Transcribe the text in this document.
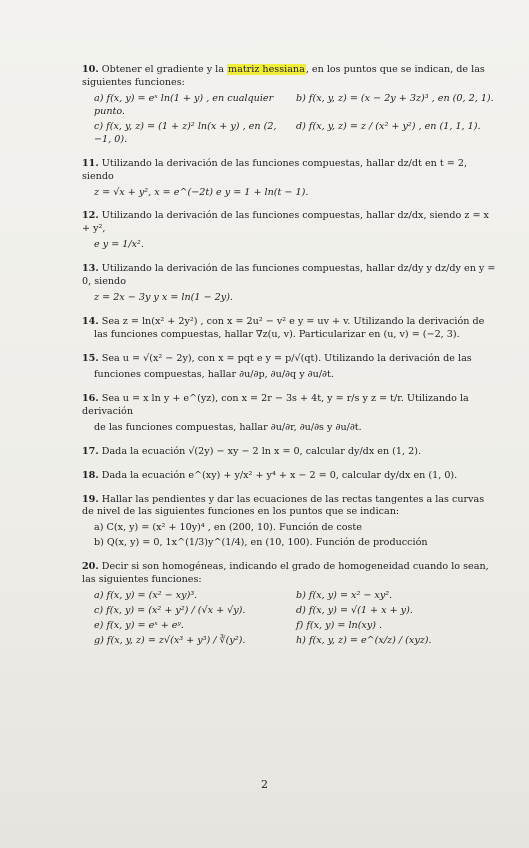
10. Obtener el gradiente y la matriz hessiana, en los puntos que se indican, de las siguientes funciones:
a) f(x, y) = eˣ ln(1 + y) , en cualquier punto.
b) f(x, y, z) = (x − 2y + 3z)³ , en (0, 2, 1).
c) f(x, y, z) = (1 + z)² ln(x + y) , en (2, −1, 0).
d) f(x, y, z) = z / (x² + y²) , en (1, 1, 1).
11. Utilizando la derivación de las funciones compuestas, hallar dz/dt en t = 2, siendo
z = √x + y², x = e^(−2t) e y = 1 + ln(t − 1).
12. Utilizando la derivación de las funciones compuestas, hallar dz/dx, siendo z = x + y²,
e y = 1/x².
13. Utilizando la derivación de las funciones compuestas, hallar dz/dy y dz/dy en y = 0, siendo
z = 2x − 3y y x = ln(1 − 2y).
14. Sea z = ln(x² + 2y²) , con x = 2u² − v² e y = uv + v. Utilizando la derivación de
las funciones compuestas, hallar ∇z(u, v). Particularizar en (u, v) = (−2, 3).
15. Sea u = √(x² − 2y), con x = pqt e y = p/√(qt). Utilizando la derivación de las
funciones compuestas, hallar ∂u/∂p, ∂u/∂q y ∂u/∂t.
16. Sea u = x ln y + e^(yz), con x = 2r − 3s + 4t, y = r/s y z = t/r. Utilizando la derivación
de las funciones compuestas, hallar ∂u/∂r, ∂u/∂s y ∂u/∂t.
17. Dada la ecuación √(2y) − xy − 2 ln x = 0, calcular dy/dx en (1, 2).
18. Dada la ecuación e^(xy) + y/x² + y⁴ + x − 2 = 0, calcular dy/dx en (1, 0).
19. Hallar las pendientes y dar las ecuaciones de las rectas tangentes a las curvas de nivel de las siguientes funciones en los puntos que se indican:
a) C(x, y) = (x² + 10y)⁴ , en (200, 10). Función de coste
b) Q(x, y) = 0, 1x^(1/3)y^(1/4), en (10, 100). Función de producción
20. Decir si son homogéneas, indicando el grado de homogeneidad cuando lo sean, las siguientes funciones:
a) f(x, y) = (x² − xy)³.	b) f(x, y) = x² − xy².
c) f(x, y) = (x² + y²) / (√x + √y).	d) f(x, y) = √(1 + x + y).
e) f(x, y) = eˣ + eʸ.	f) f(x, y) = ln(xy) .
g) f(x, y, z) = z√(x³ + y³) / ∛(y²).	h) f(x, y, z) = e^(x/z) / (xyz).
2
